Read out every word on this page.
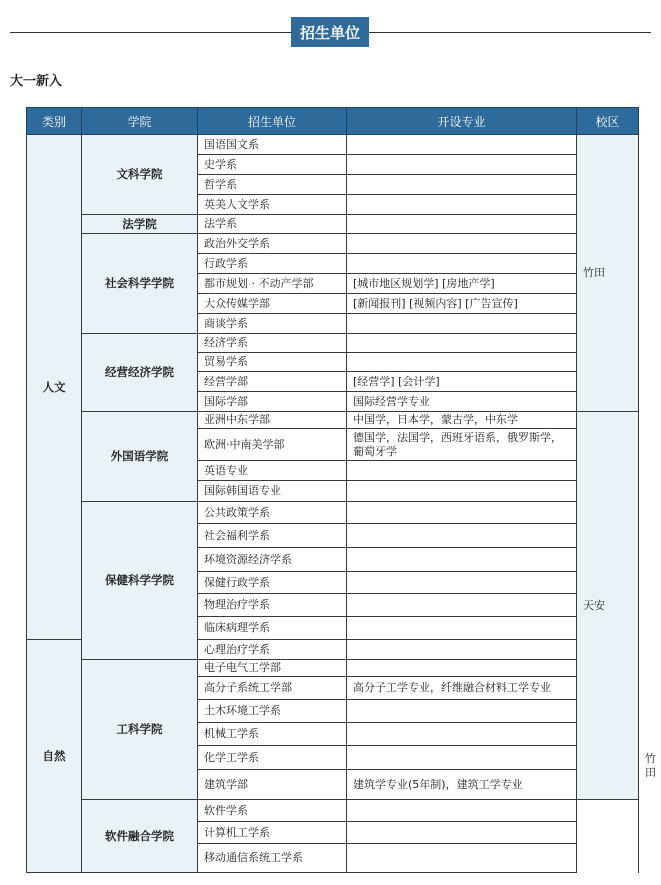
招生单位
大一新入
类别	学院	招生单位	开设专业	校区	
人文	文科学院	国语国文系		竹田	
		史学系			
		哲学系			
		英美人文学系			
	法学院	法学系			
	社会科学学院	政治外交学系			
		行政学系			
		都市规划 · 不动产学部	[城市地区规划学] [房地产学]		
		大众传媒学部	[新闻报刊] [视频内容] [广告宣传]		
		商谈学系			
	经营经济学院	经济学系			
		贸易学系			
		经营学部	[经营学] [会计学]		
		国际学部	国际经营学专业		
	外国语学院	亚洲中东学部	中国学，日本学，蒙古学，中东学	天安	
		欧洲·中南美学部	德国学，法国学，西班牙语系，俄罗斯学，葡萄牙学		
		英语专业			
		国际韩国语专业			
	保健科学学院	公共政策学系			
		社会福利学系			
		环境资源经济学系			
		保健行政学系			
		物理治疗学系			
		临床病理学系			
自然		心理治疗学系			
	工科学院	电子电气工学部			竹田
		高分子系统工学部	高分子工学专业，纤维融合材料工学专业		
		土木环境工学系			
		机械工学系			
		化学工学系			
		建筑学部	建筑学专业(5年制)，建筑工学专业		
	软件融合学院	软件学系			
		计算机工学系			
		移动通信系统工学系			
